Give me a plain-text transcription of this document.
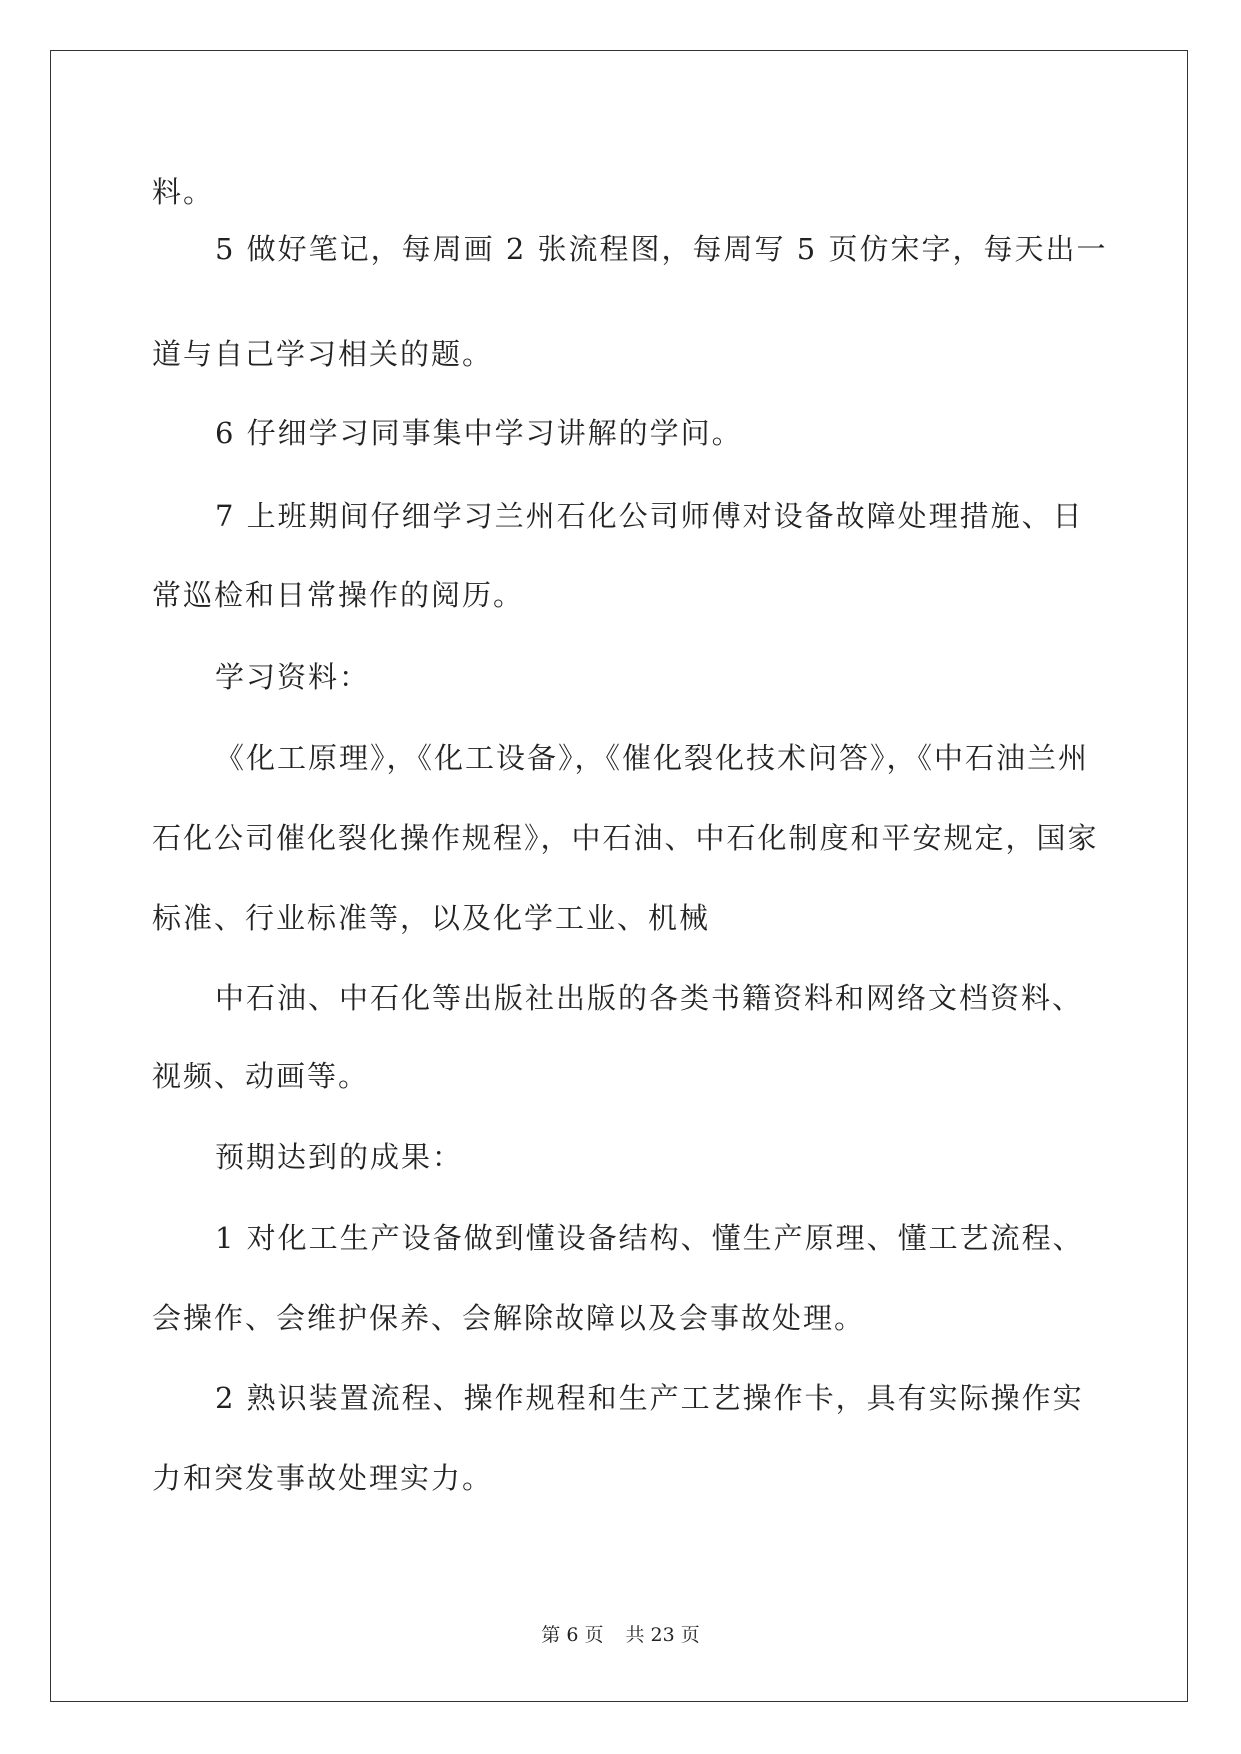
料。

5 做好笔记，每周画 2 张流程图，每周写 5 页仿宋字，每天出一

道与自己学习相关的题。

6 仔细学习同事集中学习讲解的学问。

7 上班期间仔细学习兰州石化公司师傅对设备故障处理措施、日

常巡检和日常操作的阅历。

学习资料：

《化工原理》，《化工设备》，《催化裂化技术问答》，《中石油兰州

石化公司催化裂化操作规程》，中石油、中石化制度和平安规定，国家

标准、行业标准等，以及化学工业、机械

中石油、中石化等出版社出版的各类书籍资料和网络文档资料、

视频、动画等。

预期达到的成果：

1 对化工生产设备做到懂设备结构、懂生产原理、懂工艺流程、

会操作、会维护保养、会解除故障以及会事故处理。

2 熟识装置流程、操作规程和生产工艺操作卡，具有实际操作实

力和突发事故处理实力。

第 6 页 共 23 页
